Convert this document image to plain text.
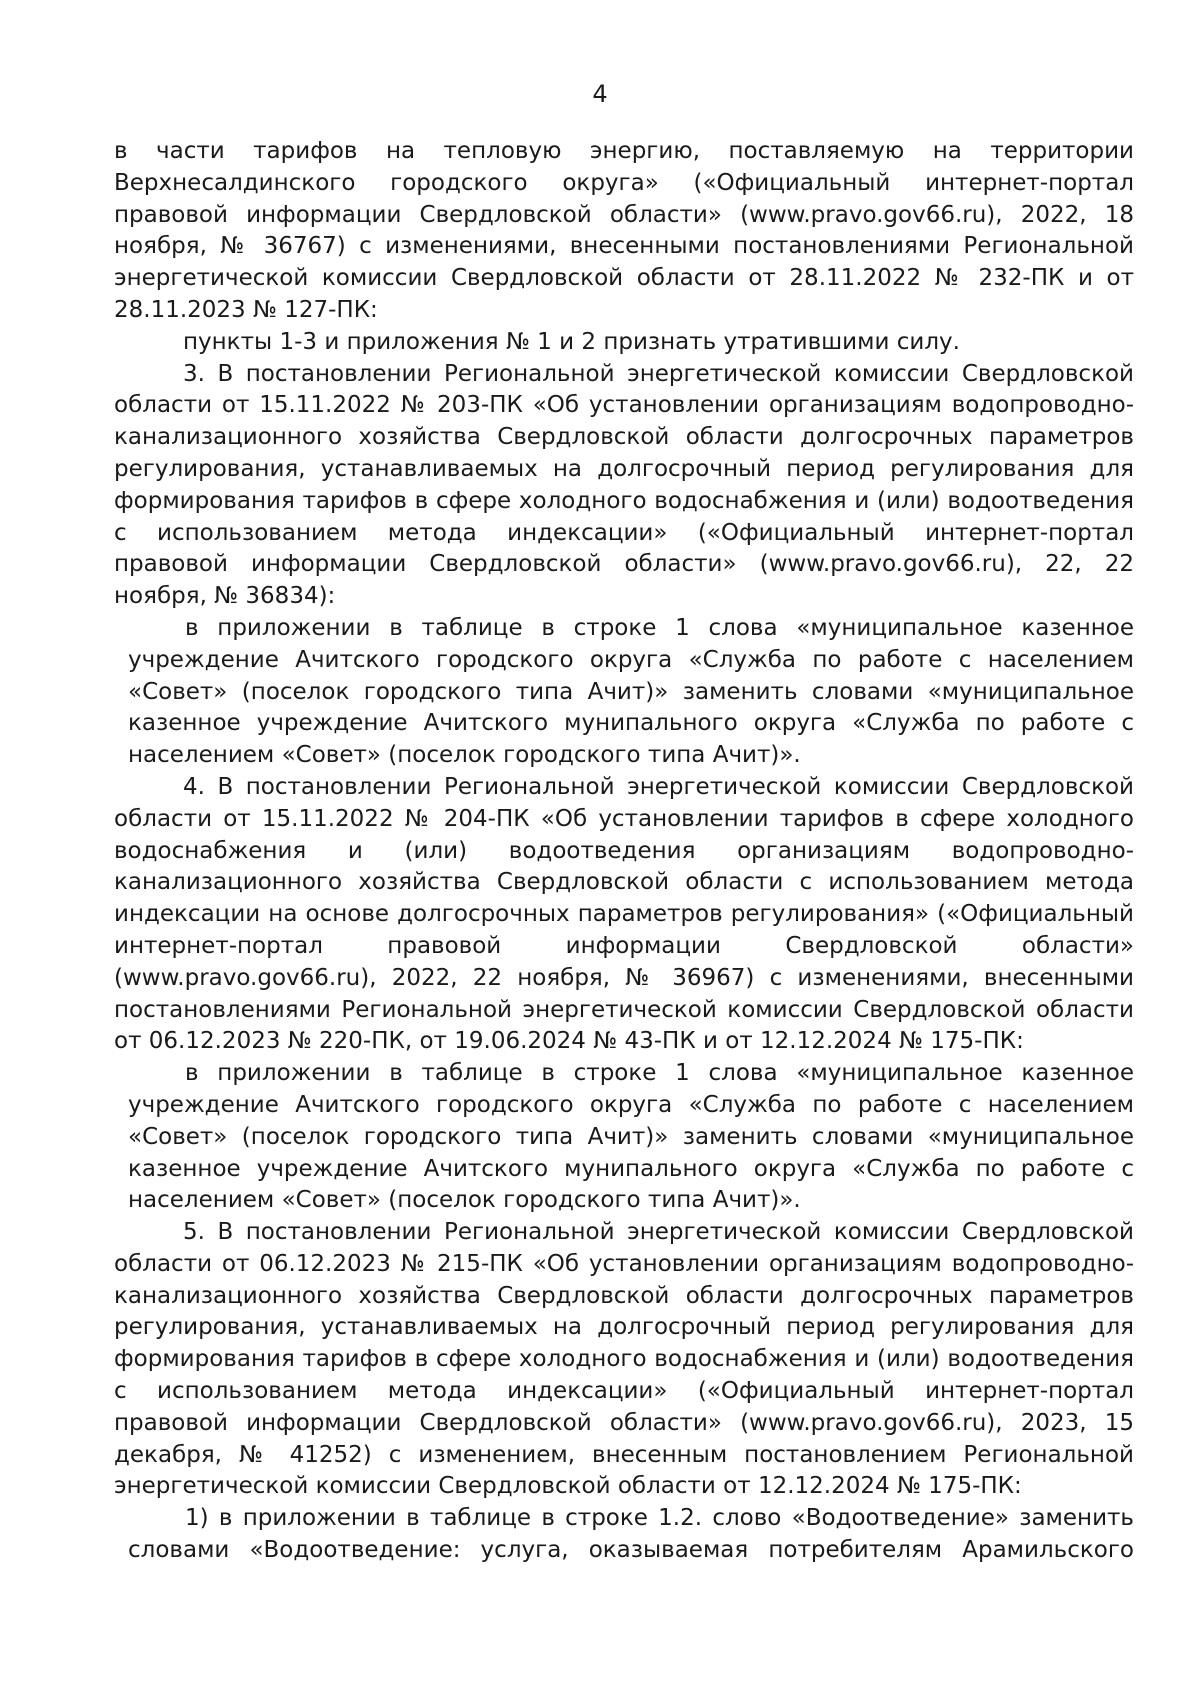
4

в части тарифов на тепловую энергию, поставляемую на территории Верхнесалдинского городского округа» («Официальный интернет-портал правовой информации Свердловской области» (www.pravo.gov66.ru), 2022, 18 ноября, № 36767) с изменениями, внесенными постановлениями Региональной энергетической комиссии Свердловской области от 28.11.2022 № 232-ПК и от 28.11.2023 № 127-ПК:

пункты 1-3 и приложения № 1 и 2 признать утратившими силу.

3. В постановлении Региональной энергетической комиссии Свердловской области от 15.11.2022 № 203-ПК «Об установлении организациям водопроводно-канализационного хозяйства Свердловской области долгосрочных параметров регулирования, устанавливаемых на долгосрочный период регулирования для формирования тарифов в сфере холодного водоснабжения и (или) водоотведения с использованием метода индексации» («Официальный интернет-портал правовой информации Свердловской области» (www.pravo.gov66.ru), 22, 22 ноября, № 36834):

в приложении в таблице в строке 1 слова «муниципальное казенное учреждение Ачитского городского округа «Служба по работе с населением «Совет» (поселок городского типа Ачит)» заменить словами «муниципальное казенное учреждение Ачитского мунипального округа «Служба по работе с населением «Совет» (поселок городского типа Ачит)».

4. В постановлении Региональной энергетической комиссии Свердловской области от 15.11.2022 № 204-ПК «Об установлении тарифов в сфере холодного водоснабжения и (или) водоотведения организациям водопроводно-канализационного хозяйства Свердловской области с использованием метода индексации на основе долгосрочных параметров регулирования» («Официальный интернет-портал правовой информации Свердловской области» (www.pravo.gov66.ru), 2022, 22 ноября, № 36967) с изменениями, внесенными постановлениями Региональной энергетической комиссии Свердловской области от 06.12.2023 № 220-ПК, от 19.06.2024 № 43-ПК и от 12.12.2024 № 175-ПК:

в приложении в таблице в строке 1 слова «муниципальное казенное учреждение Ачитского городского округа «Служба по работе с населением «Совет» (поселок городского типа Ачит)» заменить словами «муниципальное казенное учреждение Ачитского мунипального округа «Служба по работе с населением «Совет» (поселок городского типа Ачит)».

5. В постановлении Региональной энергетической комиссии Свердловской области от 06.12.2023 № 215-ПК «Об установлении организациям водопроводно-канализационного хозяйства Свердловской области долгосрочных параметров регулирования, устанавливаемых на долгосрочный период регулирования для формирования тарифов в сфере холодного водоснабжения и (или) водоотведения с использованием метода индексации» («Официальный интернет-портал правовой информации Свердловской области» (www.pravo.gov66.ru), 2023, 15 декабря, № 41252) с изменением, внесенным постановлением Региональной энергетической комиссии Свердловской области от 12.12.2024 № 175-ПК:

1) в приложении в таблице в строке 1.2. слово «Водоотведение» заменить словами «Водоотведение: услуга, оказываемая потребителям Арамильского
